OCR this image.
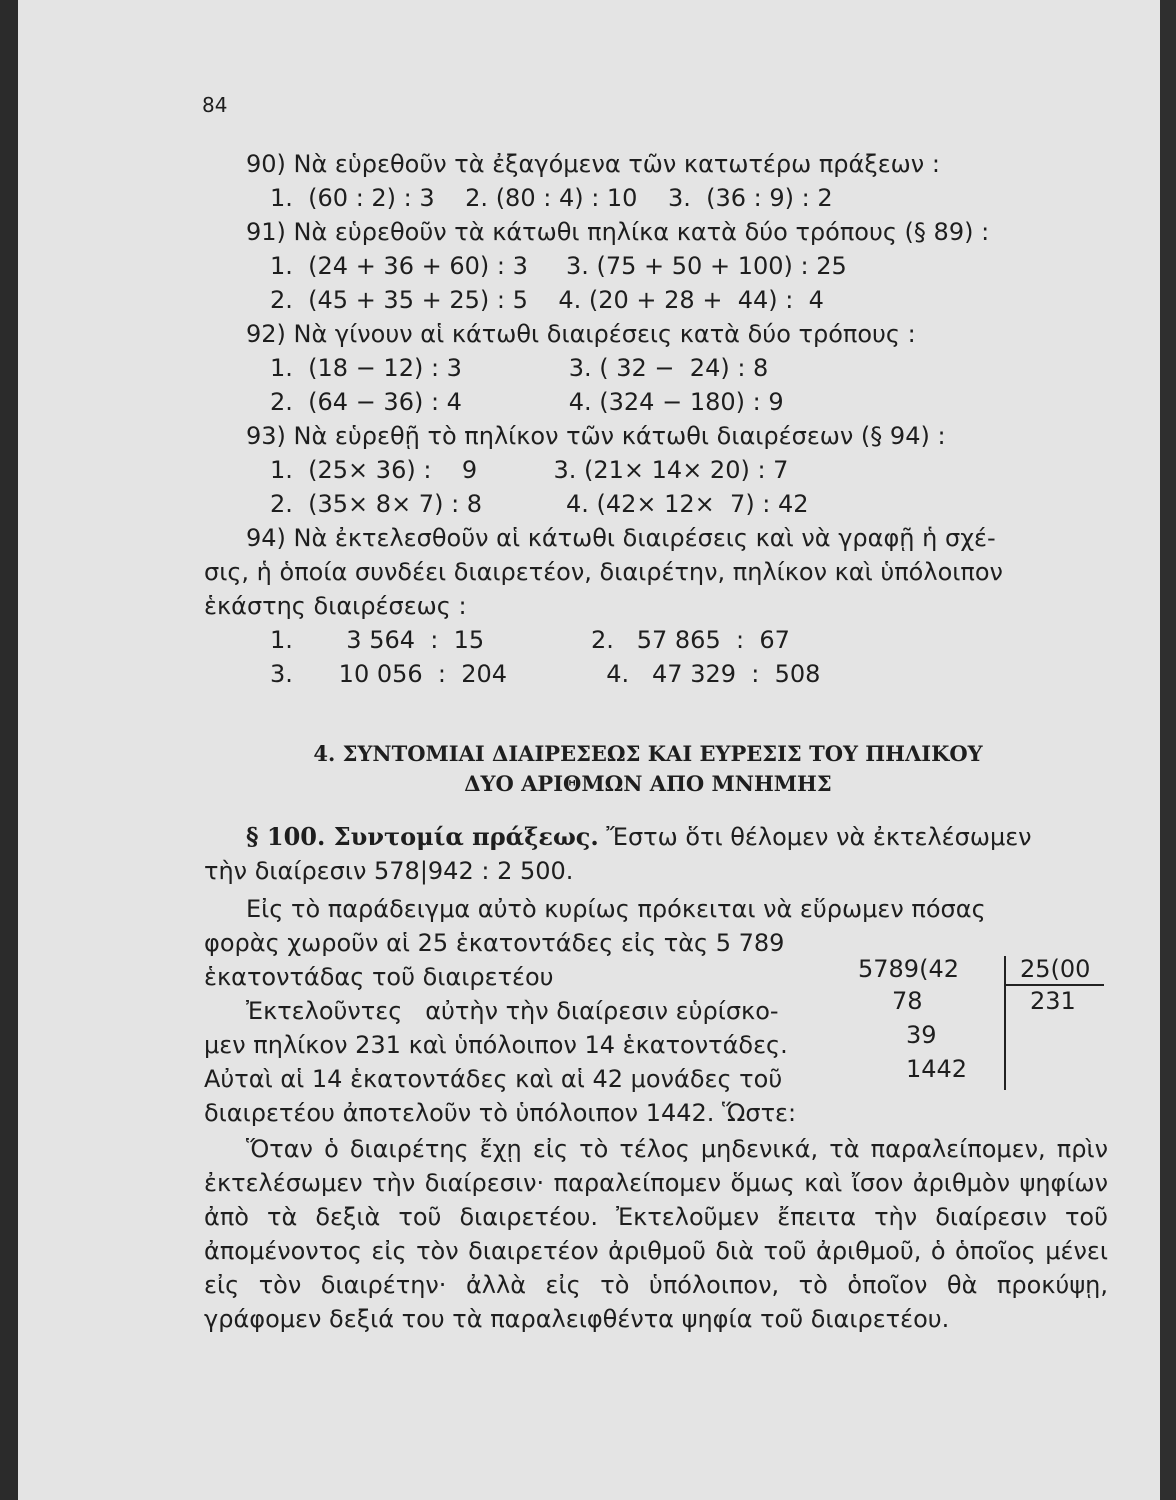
84
90) Νὰ εὑρεθοῦν τὰ ἐξαγόμενα τῶν κατωτέρω πράξεων :
1.  (60 : 2) : 3    2. (80 : 4) : 10    3.  (36 : 9) : 2
91) Νὰ εὑρεθοῦν τὰ κάτωθι πηλίκα κατὰ δύο τρόπους (§ 89) :
1.  (24 + 36 + 60) : 3     3. (75 + 50 + 100) : 25
2.  (45 + 35 + 25) : 5    4. (20 + 28 +  44) :  4
92) Νὰ γίνουν αἱ κάτωθι διαιρέσεις κατὰ δύο τρόπους :
1.  (18 − 12) : 3              3. ( 32 −  24) : 8
2.  (64 − 36) : 4              4. (324 − 180) : 9
93) Νὰ εὑρεθῇ τὸ πηλίκον τῶν κάτωθι διαιρέσεων (§ 94) :
1.  (25× 36) :    9          3. (21× 14× 20) : 7
2.  (35× 8× 7) : 8           4. (42× 12×  7) : 42
94) Νὰ ἐκτελεσθοῦν αἱ κάτωθι διαιρέσεις καὶ νὰ γραφῇ ἡ σχέ-
σις, ἡ ὁποία συνδέει διαιρετέον, διαιρέτην, πηλίκον καὶ ὑπόλοιπον
ἑκάστης διαιρέσεως :
1.       3 564  :  15              2.   57 865  :  67
3.      10 056  :  204             4.   47 329  :  508
4. ΣΥΝΤΟΜΙΑΙ ΔΙΑΙΡΕΣΕΩΣ ΚΑΙ ΕΥΡΕΣΙΣ ΤΟΥ ΠΗΛΙΚΟΥ
ΔΥΟ ΑΡΙΘΜΩΝ ΑΠΟ ΜΝΗΜΗΣ
§ 100. Συντομία πράξεως. Ἔστω ὅτι θέλομεν νὰ ἐκτελέσωμεν
τὴν διαίρεσιν 578|942 : 2 500.
Εἰς τὸ παράδειγμα αὐτὸ κυρίως πρόκειται νὰ εὕρωμεν πόσας
φορὰς χωροῦν αἱ 25 ἑκατοντάδες εἰς τὰς 5 789
ἑκατοντάδας τοῦ διαιρετέου
Ἐκτελοῦντες   αὐτὴν τὴν διαίρεσιν εὑρίσκο-
μεν πηλίκον 231 καὶ ὑπόλοιπον 14 ἑκατοντάδες.
Αὐταὶ αἱ 14 ἑκατοντάδες καὶ αἱ 42 μονάδες τοῦ
διαιρετέου ἀποτελοῦν τὸ ὑπόλοιπον 1442. Ὥστε:
5789(42	25(00
231
78
39
1442
Ὅταν ὁ διαιρέτης ἔχῃ εἰς τὸ τέλος μηδενικά, τὰ παραλείπομεν, πρὶν ἐκτελέσωμεν τὴν διαίρεσιν· παραλείπομεν ὅμως καὶ ἴσον ἀριθμὸν ψηφίων ἀπὸ τὰ δεξιὰ τοῦ διαιρετέου. Ἐκτελοῦμεν ἔπειτα τὴν διαίρεσιν τοῦ ἀπομένοντος εἰς τὸν διαιρετέον ἀριθμοῦ διὰ τοῦ ἀριθμοῦ, ὁ ὁποῖος μένει εἰς τὸν διαιρέτην· ἀλλὰ εἰς τὸ ὑπόλοιπον, τὸ ὁποῖον θὰ προκύψῃ, γράφομεν δεξιά του τὰ παραλειφθέντα ψηφία τοῦ διαιρετέου.
